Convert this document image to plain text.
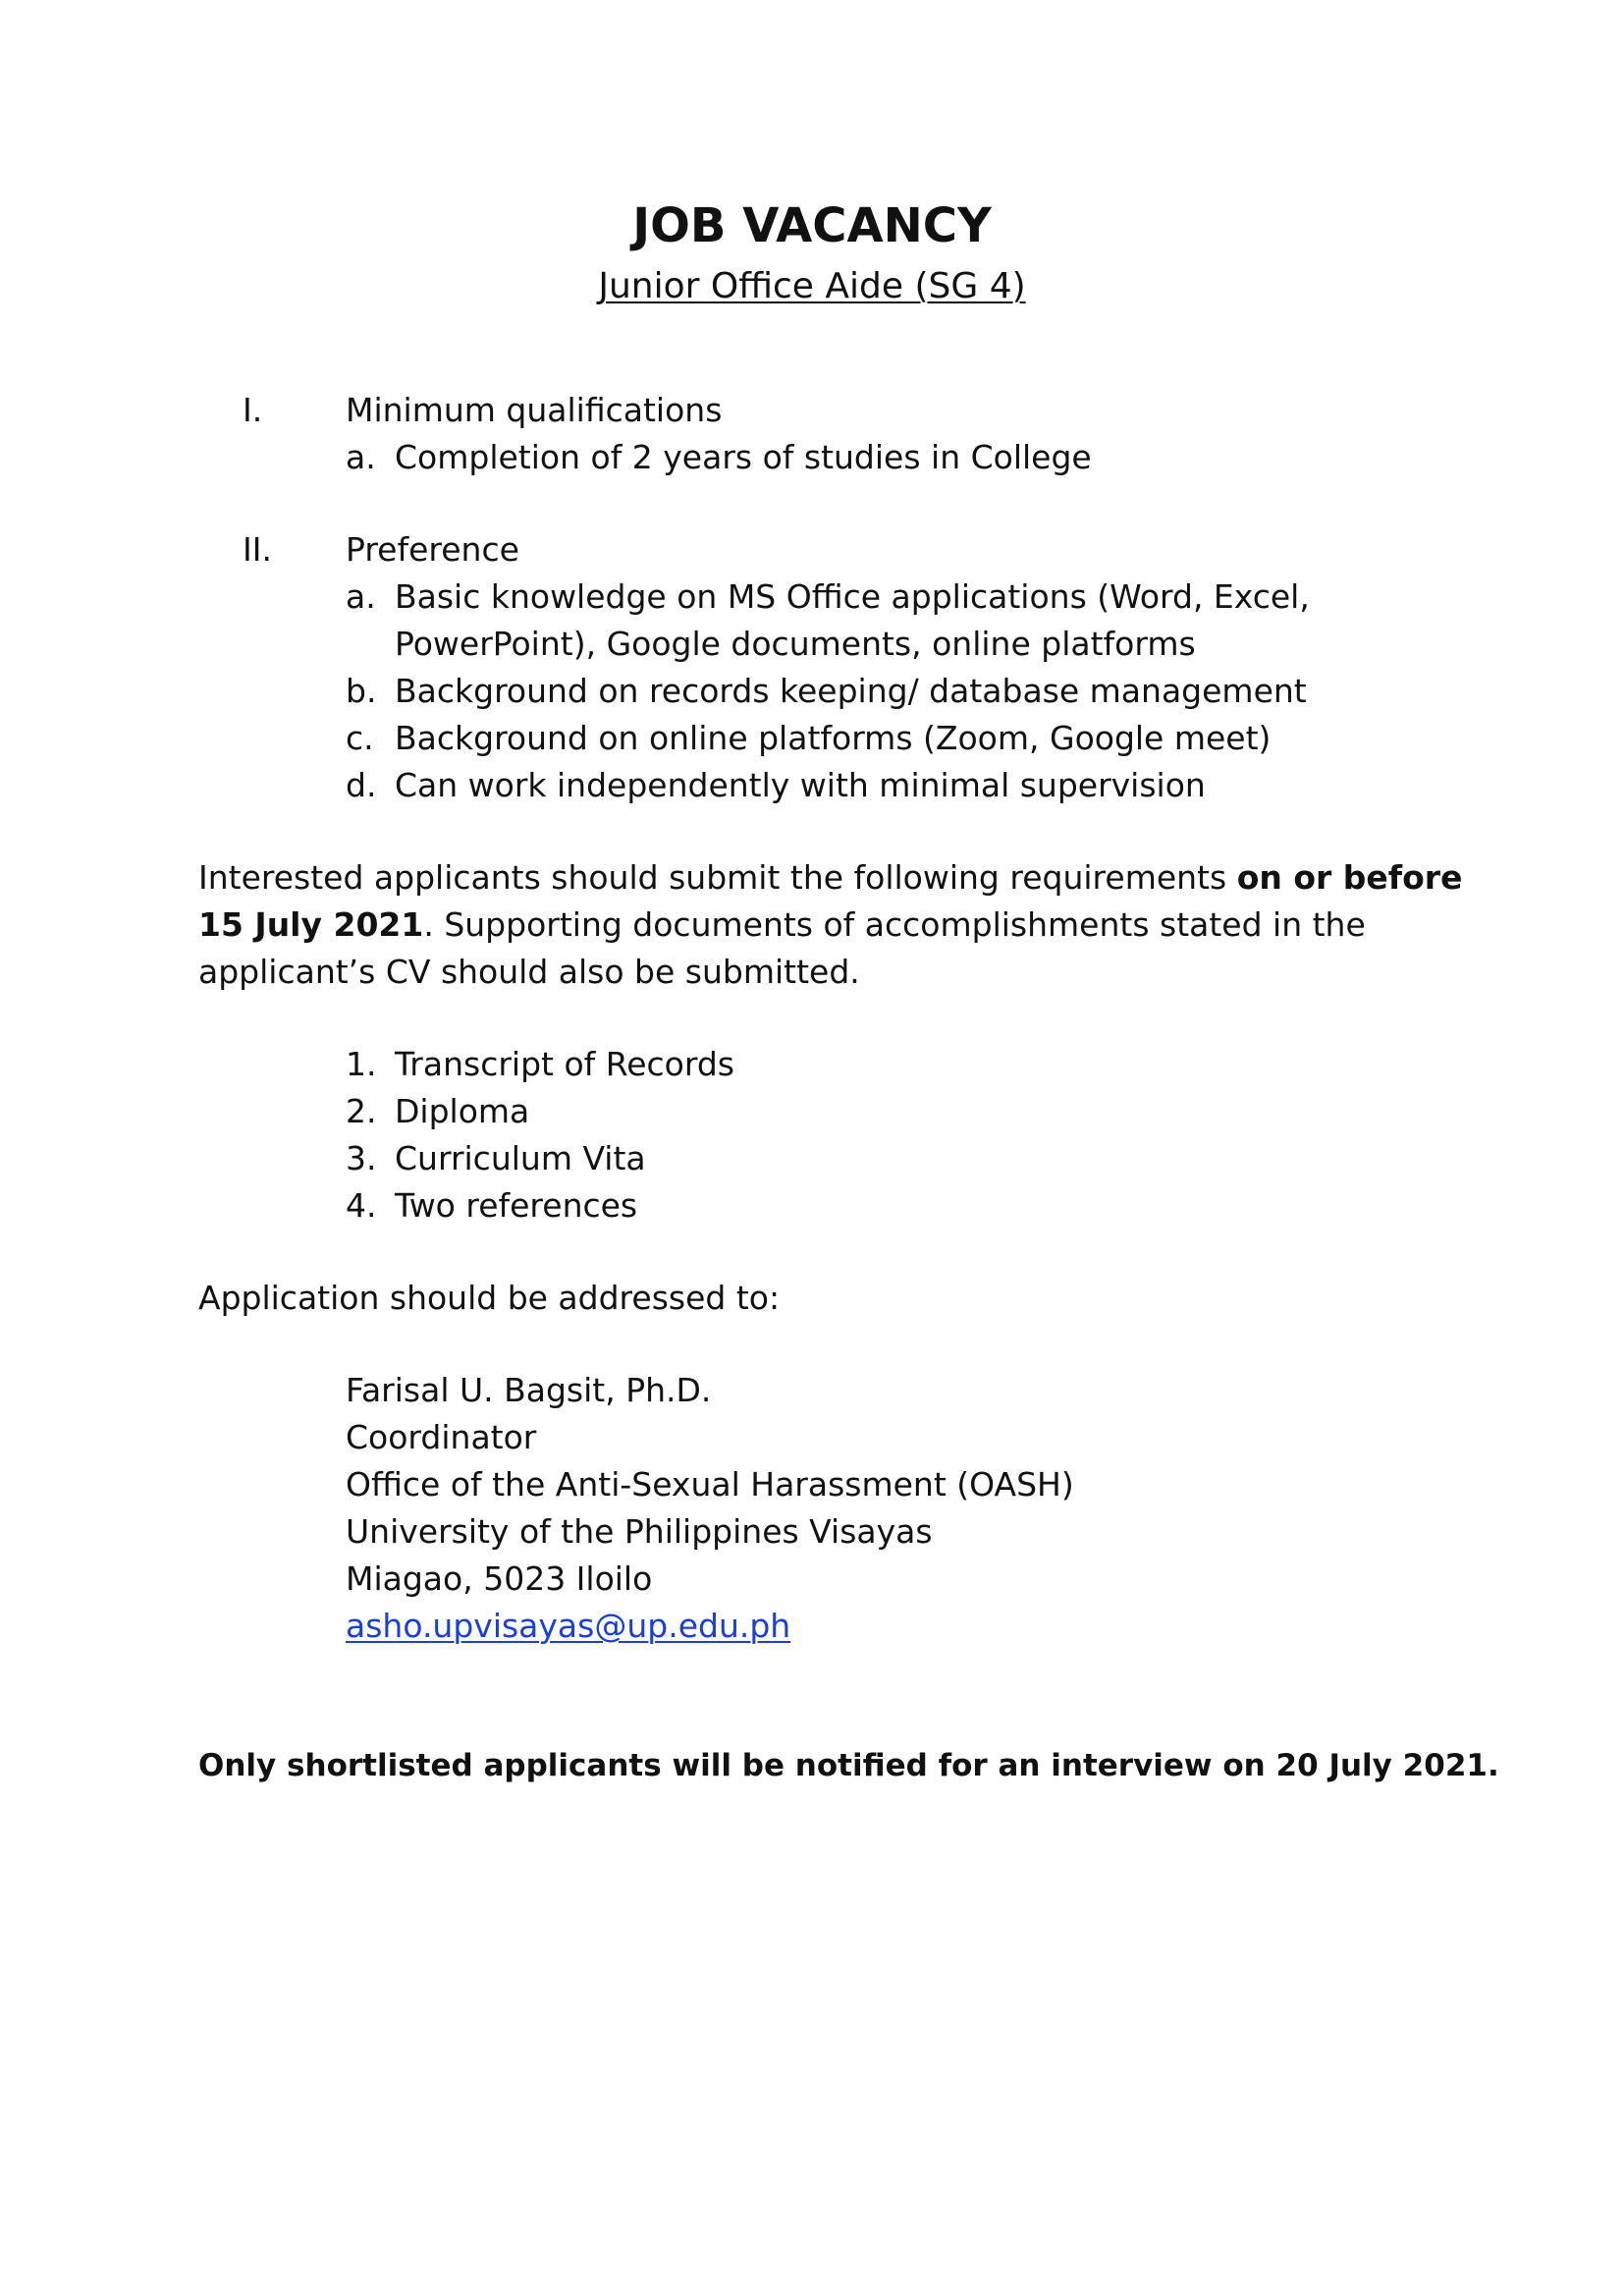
JOB VACANCY
Junior Office Aide (SG 4)
I.	Minimum qualifications
a. Completion of 2 years of studies in College
II. Preference
a. Basic knowledge on MS Office applications (Word, Excel,
PowerPoint), Google documents, online platforms
b. Background on records keeping/ database management
c. Background on online platforms (Zoom, Google meet)
d. Can work independently with minimal supervision
Interested applicants should submit the following requirements on or before
15 July 2021. Supporting documents of accomplishments stated in the
applicant’s CV should also be submitted.
1. Transcript of Records
2. Diploma
3. Curriculum Vita
4. Two references
Application should be addressed to:
Farisal U. Bagsit, Ph.D.
Coordinator
Office of the Anti-Sexual Harassment (OASH)
University of the Philippines Visayas
Miagao, 5023 Iloilo
asho.upvisayas@up.edu.ph
Only shortlisted applicants will be notified for an interview on 20 July 2021.
